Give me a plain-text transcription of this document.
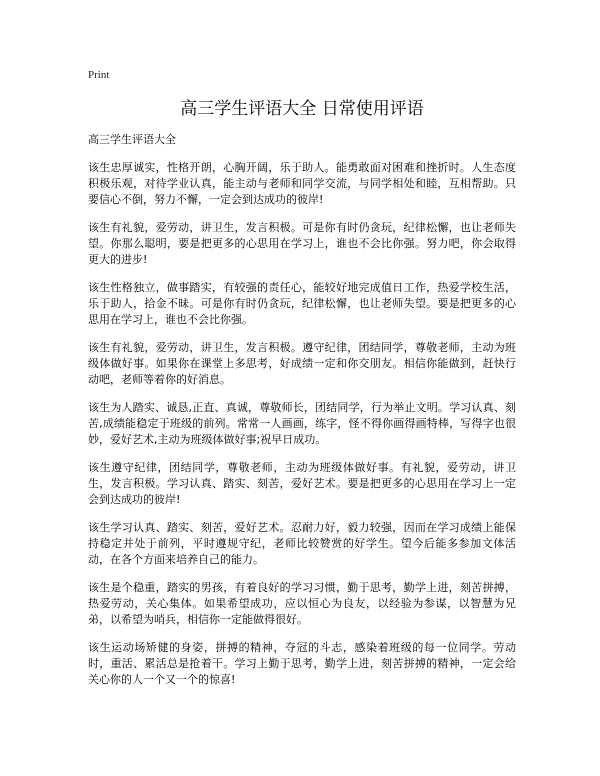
Print
高三学生评语大全 日常使用评语
高三学生评语大全

该生忠厚诚实，性格开朗，心胸开阔，乐于助人。能勇敢面对困难和挫折时。人生态度积极乐观，对待学业认真，能主动与老师和同学交流，与同学相处和睦，互相帮助。只要信心不倒，努力不懈，一定会到达成功的彼岸!

该生有礼貌，爱劳动，讲卫生，发言积极。可是你有时仍贪玩，纪律松懈，也让老师失望。你那么聪明，要是把更多的心思用在学习上，谁也不会比你强。努力吧，你会取得更大的进步!

该生性格独立，做事踏实，有较强的责任心，能较好地完成值日工作，热爱学校生活，乐于助人，拾金不昧。可是你有时仍贪玩，纪律松懈，也让老师失望。要是把更多的心思用在学习上，谁也不会比你强。

该生有礼貌，爱劳动，讲卫生，发言积极。遵守纪律，团结同学，尊敬老师，主动为班级体做好事。如果你在课堂上多思考，好成绩一定和你交朋友。相信你能做到，赶快行动吧，老师等着你的好消息。

该生为人踏实、诚恳,正直、真诚，尊敬师长，团结同学，行为举止文明。学习认真、刻苦,成绩能稳定于班级的前列。常常一人画画，练字，怪不得你画得画特棒，写得字也很妙，爱好艺术,主动为班级体做好事;祝早日成功。

该生遵守纪律，团结同学，尊敬老师，主动为班级体做好事。有礼貌，爱劳动，讲卫生，发言积极。学习认真、踏实、刻苦，爱好艺术。要是把更多的心思用在学习上一定会到达成功的彼岸!

该生学习认真、踏实、刻苦，爱好艺术。忍耐力好，毅力较强，因而在学习成绩上能保持稳定并处于前列，平时遵规守纪，老师比较赞赏的好学生。望今后能多参加文体活动，在各个方面来培养自己的能力。

该生是个稳重，踏实的男孩，有着良好的学习习惯，勤于思考，勤学上进，刻苦拼搏，热爱劳动，关心集体。如果希望成功，应以恒心为良友，以经验为参谋，以智慧为兄弟，以希望为哨兵，相信你一定能做得很好。

该生运动场矫健的身姿，拼搏的精神，夺冠的斗志，感染着班级的每一位同学。劳动时，重活、累活总是抢着干。学习上勤于思考，勤学上进，刻苦拼搏的精神，一定会给关心你的人一个又一个的惊喜!
